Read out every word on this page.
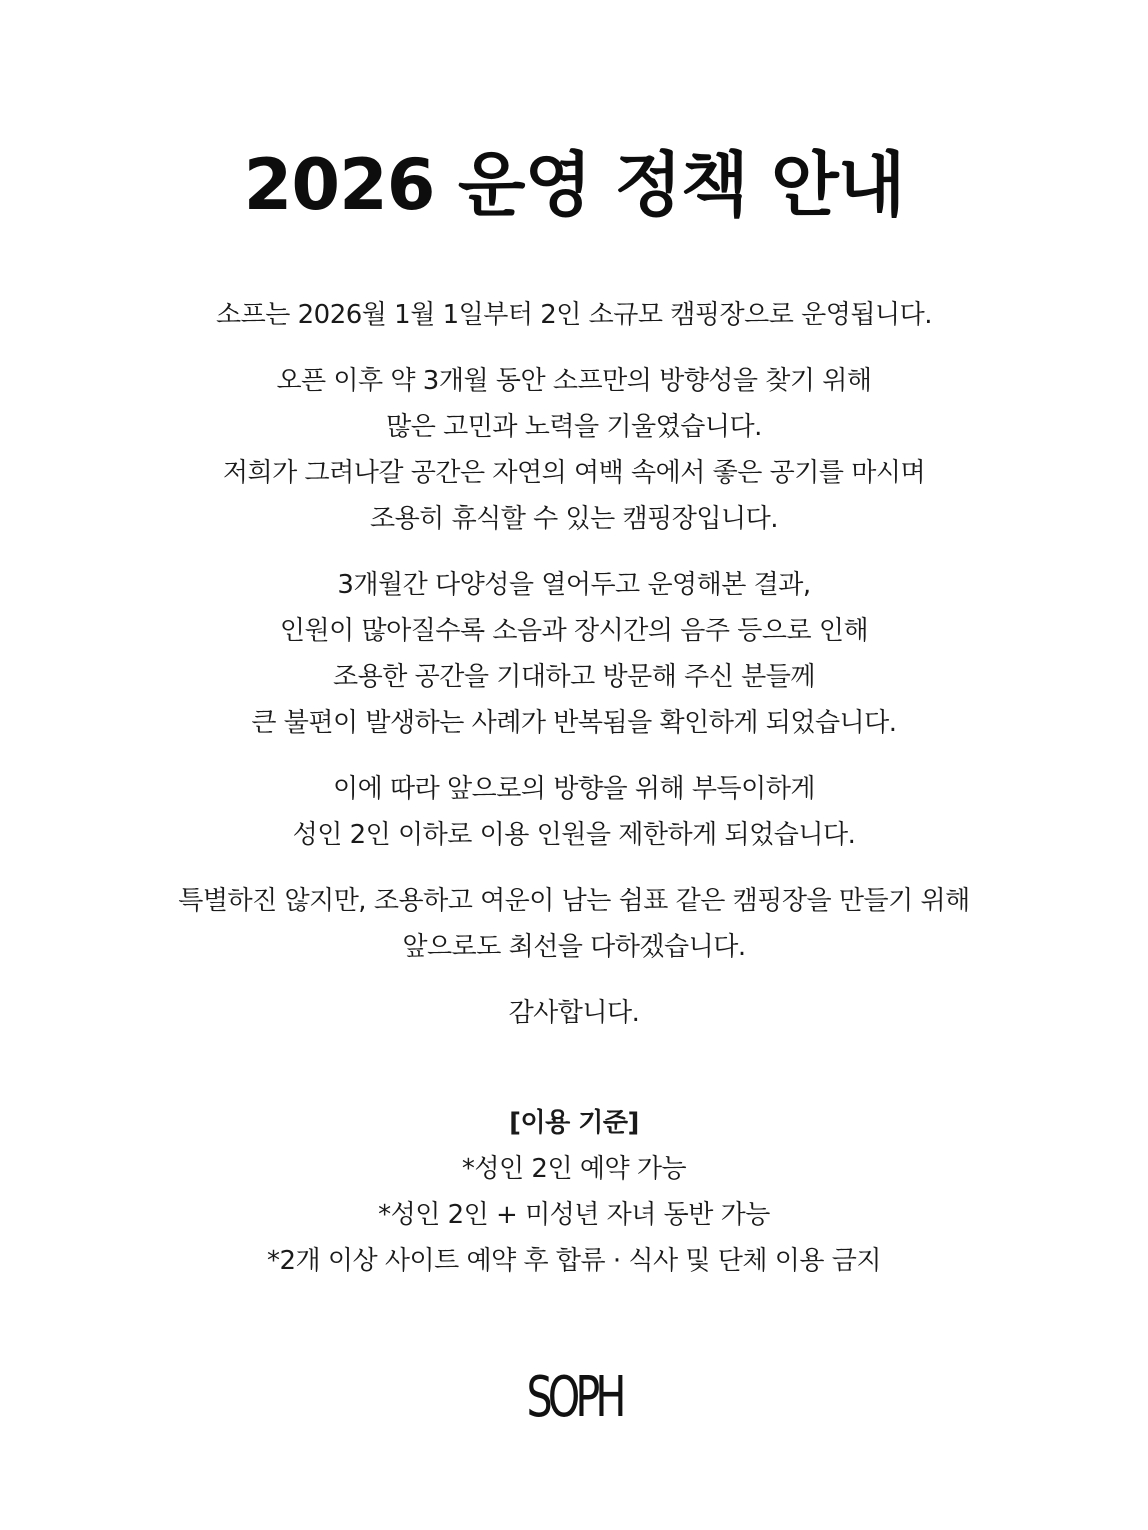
2026 운영 정책 안내

소프는 2026월 1월 1일부터 2인 소규모 캠핑장으로 운영됩니다.

오픈 이후 약 3개월 동안 소프만의 방향성을 찾기 위해
많은 고민과 노력을 기울였습니다.
저희가 그려나갈 공간은 자연의 여백 속에서 좋은 공기를 마시며
조용히 휴식할 수 있는 캠핑장입니다.

3개월간 다양성을 열어두고 운영해본 결과,
인원이 많아질수록 소음과 장시간의 음주 등으로 인해
조용한 공간을 기대하고 방문해 주신 분들께
큰 불편이 발생하는 사례가 반복됨을 확인하게 되었습니다.

이에 따라 앞으로의 방향을 위해 부득이하게
성인 2인 이하로 이용 인원을 제한하게 되었습니다.

특별하진 않지만, 조용하고 여운이 남는 쉼표 같은 캠핑장을 만들기 위해
앞으로도 최선을 다하겠습니다.

감사합니다.

[이용 기준]
*성인 2인 예약 가능
*성인 2인 + 미성년 자녀 동반 가능
*2개 이상 사이트 예약 후 합류 · 식사 및 단체 이용 금지
SOPH
